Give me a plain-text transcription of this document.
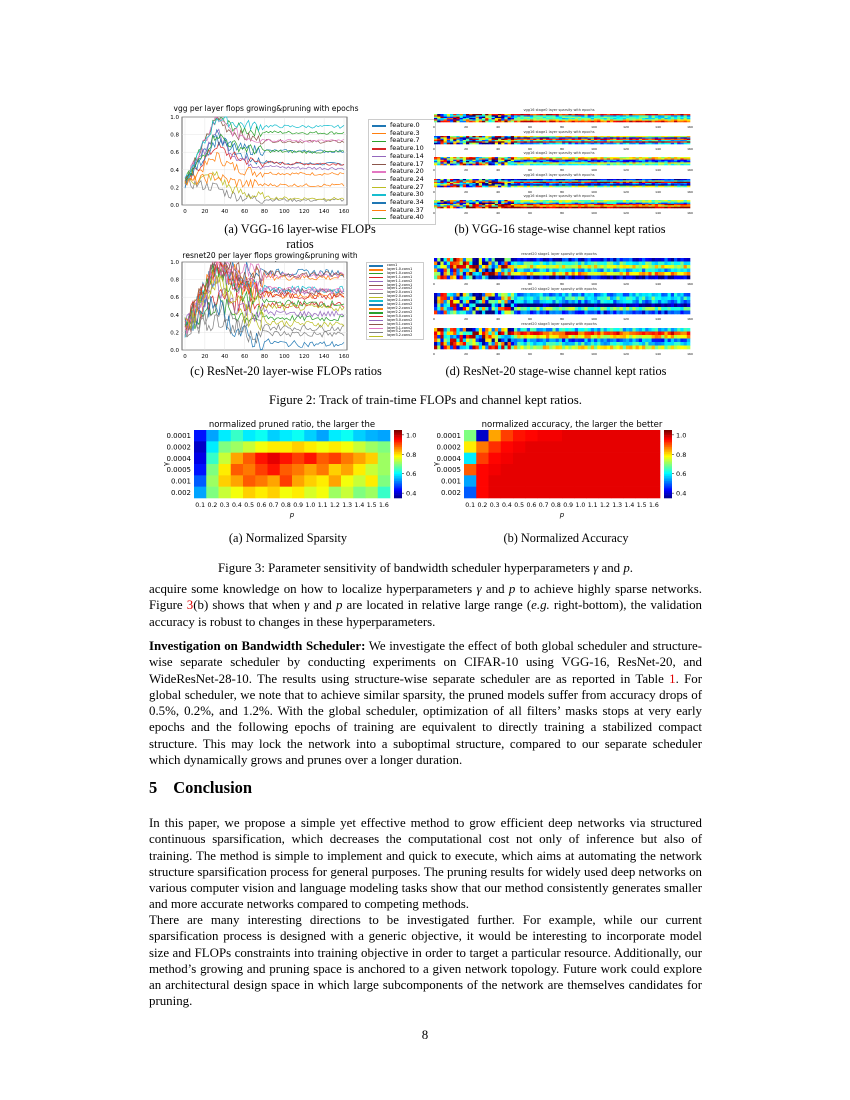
vgg per layer flops growing&pruning with epochs
1.0
0.8
0.6
0.4
0.2
0.0
0	20 40 60 80 100 120 140 160
feature.0
feature.3
feature.7
feature.10
feature.14
feature.17
feature.20
feature.24
feature.27
feature.30
feature.34
feature.37
feature.40
(a) VGG-16 layer-wise FLOPs ratios
vgg16 stage0 layer sparsity with epochs
0	20	40	60	80	100	120	140	160
vgg16 stage1 layer sparsity with epochs
0	20	40	60	80	100	120	140	160
vgg16 stage2 layer sparsity with epochs
0	20	40	60	80	100	120	140	160
vgg16 stage3 layer sparsity with epochs
0	20	40	60	80	100	120	140	160
vgg16 stage4 layer sparsity with epochs
0	20	40	60	80	100	120	140	160
(b) VGG-16 stage-wise channel kept ratios
resnet20 per layer flops growing&pruning with
1.0
0.8
0.6
0.4
0.2
0.0
0	20 40 60 80 100 120 140 160
conv1
layer1.0.conv1
layer1.0.conv2
layer1.1.conv1
layer1.1.conv2
layer1.2.conv1
layer1.2.conv2
layer2.0.conv1
layer2.0.conv2
layer2.1.conv1
layer2.1.conv2
layer2.2.conv1
layer2.2.conv2
layer3.0.conv1
layer3.0.conv2
layer3.1.conv1
layer3.1.conv2
layer3.2.conv1
layer3.2.conv2
(c) ResNet-20 layer-wise FLOPs ratios
resnet20 stage1 layer sparsity with epochs
0	20	40	60	80	100	120	140	160
resnet20 stage2 layer sparsity with epochs
0	20	40	60	80	100	120	140	160
resnet20 stage3 layer sparsity with epochs
0	20	40	60	80	100	120	140	160
(d) ResNet-20 stage-wise channel kept ratios
Figure 2: Track of train-time FLOPs and channel kept ratios.
normalized pruned ratio, the larger the
0.0001
0.0002
0.0004
0.0005
0.001
0.002
0.1 0.2 0.3 0.4 0.5 0.6 0.7 0.8 0.9 1.0 1.1 1.2 1.3 1.4 1.5 1.6
p
γ
1.0
0.8
0.6
0.4
(a) Normalized Sparsity
normalized accuracy, the larger the better
0.0001
0.0002
0.0004
0.0005
0.001
0.002
0.1 0.2 0.3 0.4 0.5 0.6 0.7 0.8 0.9 1.0 1.1 1.2 1.3 1.4 1.5 1.6
p
γ
1.0
0.8
0.6
0.4
(b) Normalized Accuracy
Figure 3: Parameter sensitivity of bandwidth scheduler hyperparameters γ and p.

acquire some knowledge on how to localize hyperparameters γ and p to achieve highly sparse networks. Figure 3(b) shows that when γ and p are located in relative large range (e.g. right-bottom), the validation accuracy is robust to changes in these hyperparameters.

Investigation on Bandwidth Scheduler: We investigate the effect of both global scheduler and structure-wise separate scheduler by conducting experiments on CIFAR-10 using VGG-16, ResNet-20, and WideResNet-28-10. The results using structure-wise separate scheduler are as reported in Table 1. For global scheduler, we note that to achieve similar sparsity, the pruned models suffer from accuracy drops of 0.5%, 0.2%, and 1.2%. With the global scheduler, optimization of all filters’ masks stops at very early epochs and the following epochs of training are equivalent to directly training a stabilized compact structure. This may lock the network into a suboptimal structure, compared to our separate scheduler which dynamically grows and prunes over a longer duration.

5 Conclusion

In this paper, we propose a simple yet effective method to grow efficient deep networks via structured continuous sparsification, which decreases the computational cost not only of inference but also of training. The method is simple to implement and quick to execute, which aims at automating the network structure sparsification process for general purposes. The pruning results for widely used deep networks on various computer vision and language modeling tasks show that our method consistently generates smaller and more accurate networks compared to competing methods.

There are many interesting directions to be investigated further. For example, while our current sparsification process is designed with a generic objective, it would be interesting to incorporate model size and FLOPs constraints into training objective in order to target a particular resource. Additionally, our method’s growing and pruning space is anchored to a given network topology. Future work could explore an architectural design space in which large subcomponents of the network are themselves candidates for pruning.

8
